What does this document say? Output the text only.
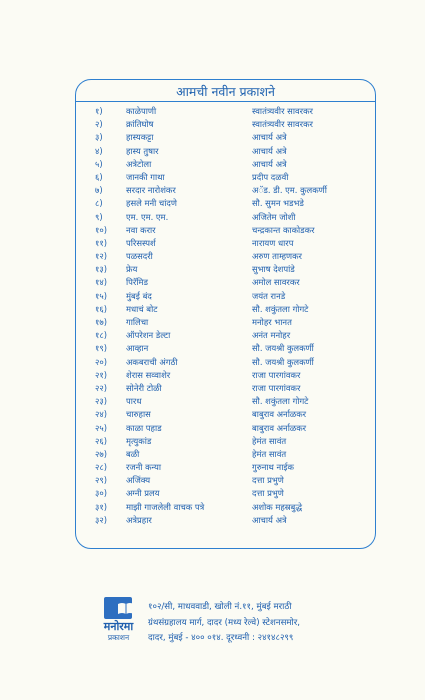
आमची नवीन प्रकाशने
१)	काळेपाणी	स्वातंत्र्यवीर सावरकर
२)	क्रांतिघोष	स्वातंत्र्यवीर सावरकर
३)	हास्यकट्टा	आचार्य अत्रे
४)	हास्य तुषार	आचार्य अत्रे
५)	अत्रेटोला	आचार्य अत्रे
६)	जानकी गाथा	प्रदीप दळवी
७)	सरदार नारोशंकर	अॅड. डी. एम. कुलकर्णी
८)	हसले मनी चांदणे	सौ. सुमन भडभडे
९)	एम. एम. एम.	अजितेम जोशी
१०)	नवा करार	चन्द्रकान्त काकोडकर
११)	परिसस्पर्श	नारायण धारप
१२)	पळसदरी	अरुण ताम्हणकर
१३)	फ्रेय	सुभाष देशपांडे
१४)	पिरॅमिड	अमोल सावरकर
१५)	मुंबई बंद	जयंत रानडे
१६)	मधाचं बोट	सौ. शकुंतला गोगटे
१७)	गालिचा	मनोहर भानत
१८)	ऑपरेशन डेल्टा	अनंत मनोहर
१९)	आव्हान	सौ. जयश्री कुलकर्णी
२०)	अकबराची अंगठी	सौ. जयश्री कुलकर्णी
२१)	शेरास सव्वाशेर	राजा पारगांवकर
२२)	सोनेरी टोळी	राजा पारगांवकर
२३)	पारध	सौ. शकुंतला गोगटे
२४)	चारुहास	बाबुराव अर्नाळकर
२५)	काळा पहाड	बाबुराव अर्नाळकर
२६)	मृत्युकांड	हेमंत सावंत
२७)	बळी	हेमंत सावंत
२८)	रजनी कन्या	गुरुनाथ नाईक
२९)	अजिंक्य	दत्ता प्रभुणे
३०)	अग्नी प्रलय	दत्ता प्रभुणे
३१)	माझी गाजलेली वाचक पत्रे	अशोक महस्रबुद्धे
३२)	अत्रेप्रहार	आचार्य अत्रे
मनोरमा
प्रकाशन
१०२/सी, माधववाडी, खोली नं.११, मुंबई मराठी
ग्रंथसंग्रहालय मार्ग, दादर (मध्य रेल्वे) स्टेशनसमोर,
दादर, मुंबई - ४०० ०१४. दूरध्वनी : २४१४८२९९
